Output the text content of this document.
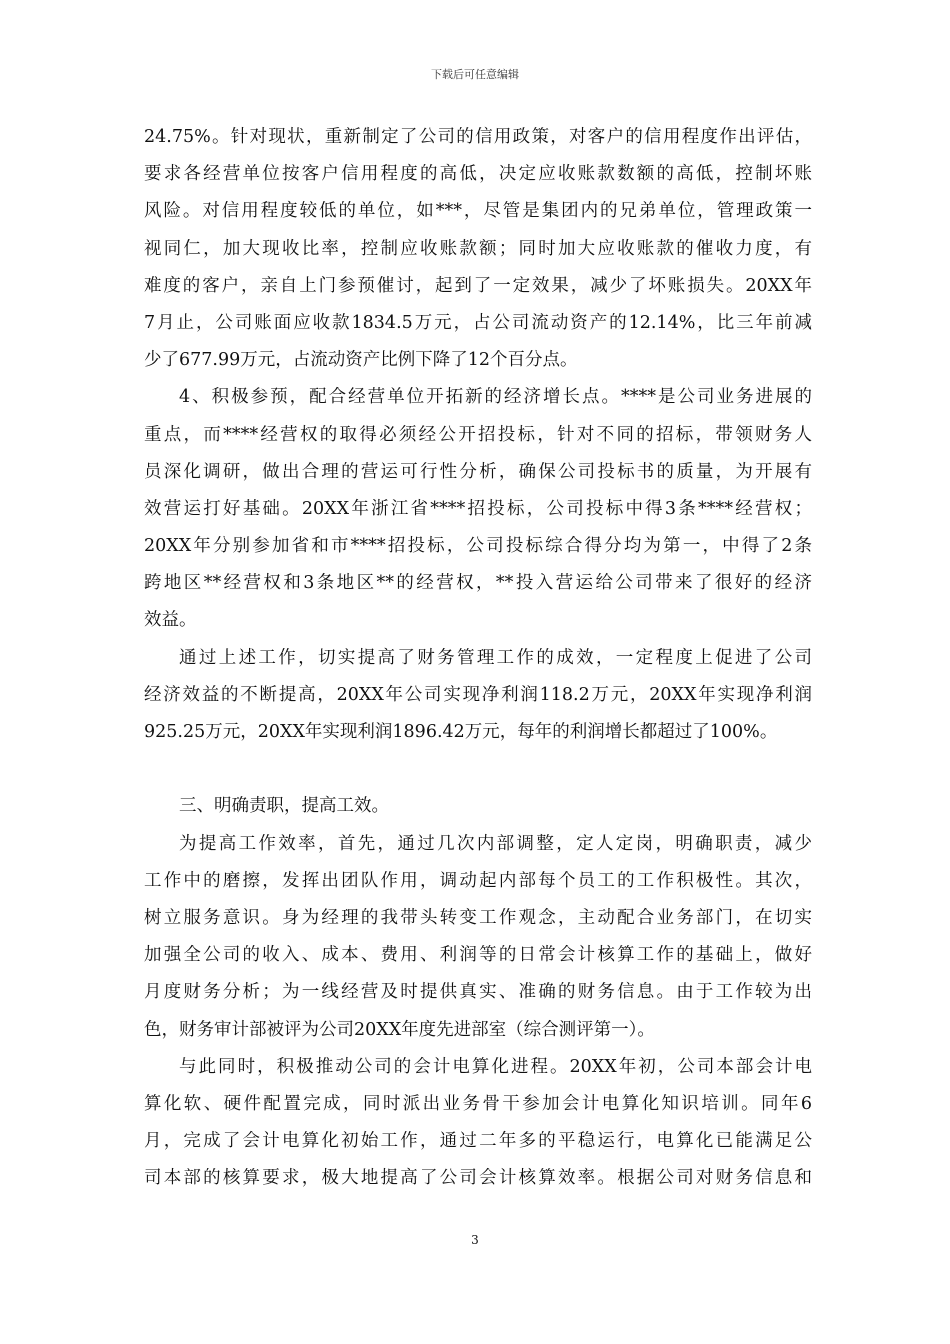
下载后可任意编辑
24.75%。针对现状，重新制定了公司的信用政策，对客户的信用程度作出评估，
要求各经营单位按客户信用程度的高低，决定应收账款数额的高低，控制坏账
风险。对信用程度较低的单位，如***，尽管是集团内的兄弟单位，管理政策一
视同仁，加大现收比率，控制应收账款额；同时加大应收账款的催收力度，有
难度的客户，亲自上门参预催讨，起到了一定效果，减少了坏账损失。20XX年
7月止，公司账面应收款1834.5万元，占公司流动资产的12.14%，比三年前减
少了677.99万元，占流动资产比例下降了12个百分点。
4、积极参预，配合经营单位开拓新的经济增长点。****是公司业务进展的
重点，而****经营权的取得必须经公开招投标，针对不同的招标，带领财务人
员深化调研，做出合理的营运可行性分析，确保公司投标书的质量，为开展有
效营运打好基础。20XX年浙江省****招投标，公司投标中得3条****经营权；
20XX年分别参加省和市****招投标，公司投标综合得分均为第一，中得了2条
跨地区**经营权和3条地区**的经营权，**投入营运给公司带来了很好的经济
效益。
通过上述工作，切实提高了财务管理工作的成效，一定程度上促进了公司
经济效益的不断提高，20XX年公司实现净利润118.2万元，20XX年实现净利润
925.25万元，20XX年实现利润1896.42万元，每年的利润增长都超过了100%。
三、明确责职，提高工效。
为提高工作效率，首先，通过几次内部调整，定人定岗，明确职责，减少
工作中的磨擦，发挥出团队作用，调动起内部每个员工的工作积极性。其次，
树立服务意识。身为经理的我带头转变工作观念，主动配合业务部门，在切实
加强全公司的收入、成本、费用、利润等的日常会计核算工作的基础上，做好
月度财务分析；为一线经营及时提供真实、准确的财务信息。由于工作较为出
色，财务审计部被评为公司20XX年度先进部室（综合测评第一）。
与此同时，积极推动公司的会计电算化进程。20XX年初，公司本部会计电
算化软、硬件配置完成，同时派出业务骨干参加会计电算化知识培训。同年6
月，完成了会计电算化初始工作，通过二年多的平稳运行，电算化已能满足公
司本部的核算要求，极大地提高了公司会计核算效率。根据公司对财务信息和
3
